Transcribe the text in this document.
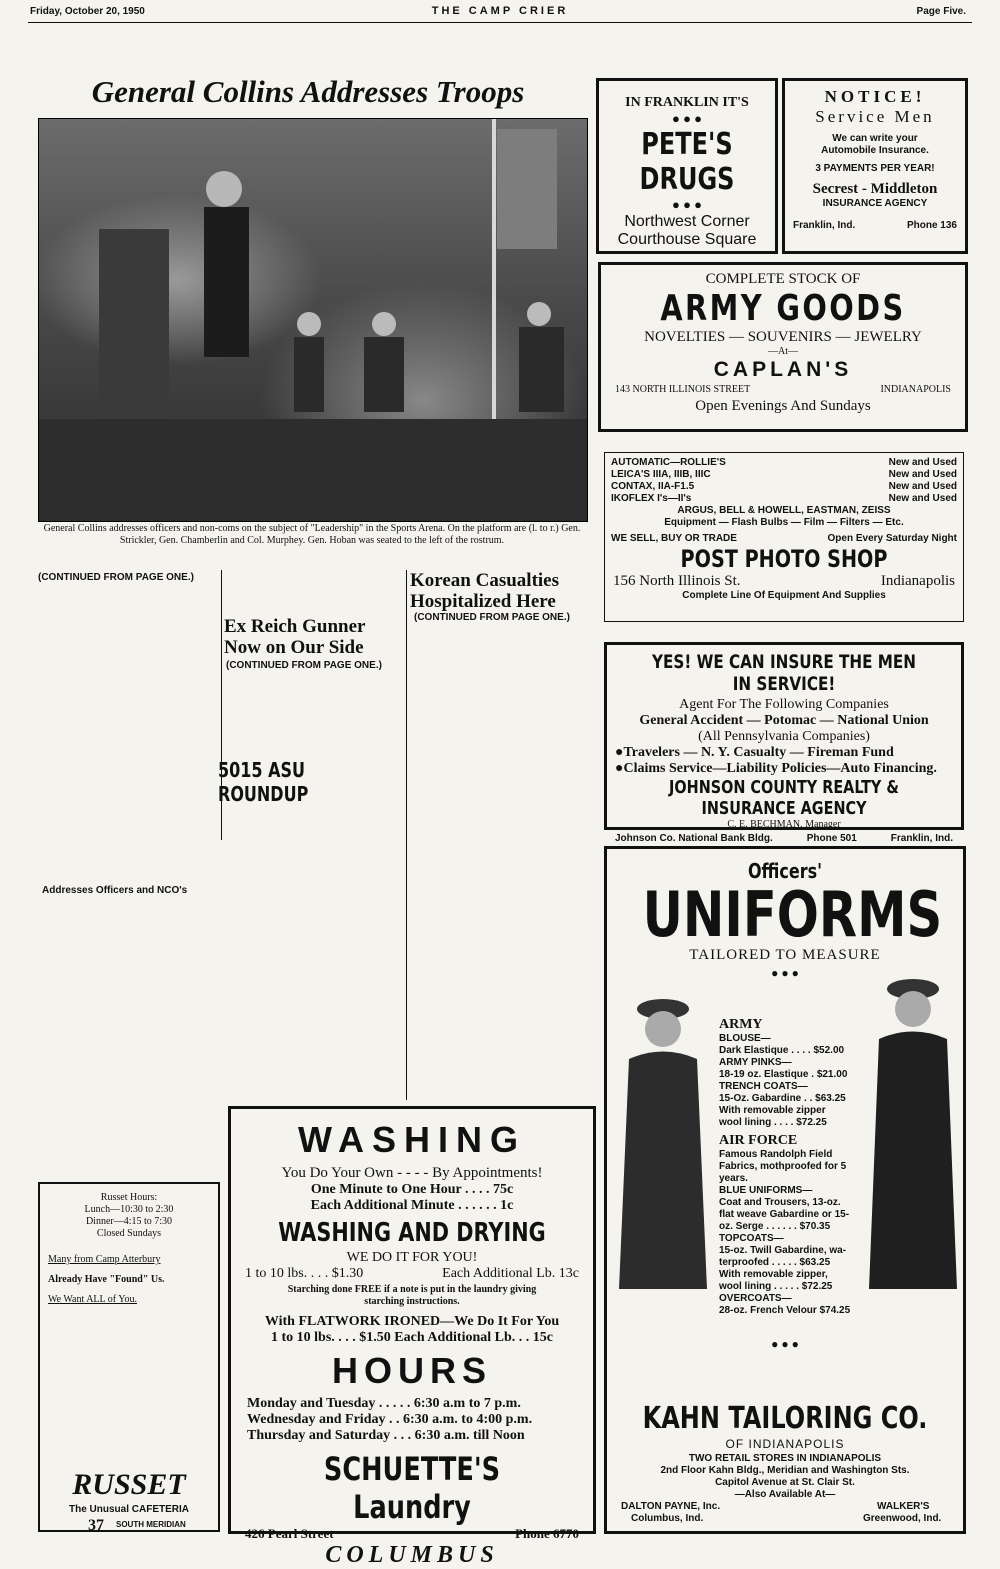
Friday, October 20, 1950	THE CAMP CRIER	Page Five.
General Collins Addresses Troops
General Collins addresses officers and non-coms on the subject of "Leadership" in the Sports Arena. On the platform are (l. to r.) Gen. Strickler, Gen. Chamberlin and Col. Murphey. Gen. Hoban was seated to the left of the rostrum.
(CONTINUED FROM PAGE ONE.)
Addresses Officers and NCO's
Russet Hours:
Lunch—10:30 to 2:30
Dinner—4:15 to 7:30
Closed Sundays
Many from Camp Atterbury
Already Have "Found" Us.
We Want ALL of You.
RUSSET
The Unusual CAFETERIA
37 SOUTH MERIDIAN
Ex Reich Gunner Now on Our Side
(CONTINUED FROM PAGE ONE.)
5015 ASU ROUNDUP
Korean Casualties Hospitalized Here
(CONTINUED FROM PAGE ONE.)
WASHING
You Do Your Own - - - - By Appointments!
One Minute to One Hour . . . . 75c
Each Additional Minute . . . . . . 1c
WASHING AND DRYING
WE DO IT FOR YOU!
1 to 10 lbs. . . . $1.30	Each Additional Lb. 13c
Starching done FREE if a note is put in the laundry giving starching instructions.
With FLATWORK IRONED—We Do It For You
1 to 10 lbs. . . . $1.50 Each Additional Lb. . . 15c
HOURS
Monday and Tuesday . . . . . 6:30 a.m to 7 p.m.
Wednesday and Friday . . 6:30 a.m. to 4:00 p.m.
Thursday and Saturday . . . 6:30 a.m. till Noon
SCHUETTE'S Laundry
426 Pearl Street	Phone 6770
COLUMBUS
IN FRANKLIN IT'S
● ● ●
PETE'S DRUGS
● ● ●
Northwest Corner
Courthouse Square
NOTICE!
Service Men
We can write your
Automobile Insurance.
3 PAYMENTS PER YEAR!
Secrest - Middleton
INSURANCE AGENCY
Franklin, Ind.	Phone 136
COMPLETE STOCK OF
ARMY GOODS
NOVELTIES — SOUVENIRS — JEWELRY
—At—
CAPLAN'S
143 NORTH ILLINOIS STREET	INDIANAPOLIS
Open Evenings And Sundays
AUTOMATIC—ROLLIE'S	New and Used
LEICA'S IIIA, IIIB, IIIC	New and Used
CONTAX, IIA-F1.5	New and Used
IKOFLEX I's—II's	New and Used
ARGUS, BELL & HOWELL, EASTMAN, ZEISS
Equipment — Flash Bulbs — Film — Filters — Etc.
WE SELL, BUY OR TRADE	Open Every Saturday Night
POST PHOTO SHOP
156 North Illinois St.	Indianapolis
Complete Line Of Equipment And Supplies
YES! WE CAN INSURE THE MEN IN SERVICE!
Agent For The Following Companies
General Accident — Potomac — National Union
(All Pennsylvania Companies)
●Travelers — N. Y. Casualty — Fireman Fund
●Claims Service—Liability Policies—Auto Financing.
JOHNSON COUNTY REALTY & INSURANCE AGENCY
C. E. BECHMAN, Manager
Johnson Co. National Bank Bldg.	Phone 501	Franklin, Ind.
Officers'
UNIFORMS
TAILORED TO MEASURE
● ● ●
ARMY
BLOUSE—
Dark Elastique . . . . $52.00
ARMY PINKS—
18-19 oz. Elastique . $21.00
TRENCH COATS—
15-Oz. Gabardine . . $63.25
With removable zipper
wool lining . . . . $72.25
AIR FORCE
Famous Randolph Field
Fabrics, mothproofed for 5
years.
BLUE UNIFORMS—
Coat and Trousers, 13-oz.
flat weave Gabardine or 15-
oz. Serge . . . . . . $70.35
TOPCOATS—
15-oz. Twill Gabardine, wa-
terproofed . . . . . $63.25
With removable zipper,
wool lining . . . . . $72.25
OVERCOATS—
28-oz. French Velour $74.25
● ● ●
KAHN TAILORING CO.
OF INDIANAPOLIS
TWO RETAIL STORES IN INDIANAPOLIS
2nd Floor Kahn Bldg., Meridian and Washington Sts.
Capitol Avenue at St. Clair St.
—Also Available At—
DALTON PAYNE, Inc.
Columbus, Ind.
WALKER'S
Greenwood, Ind.
